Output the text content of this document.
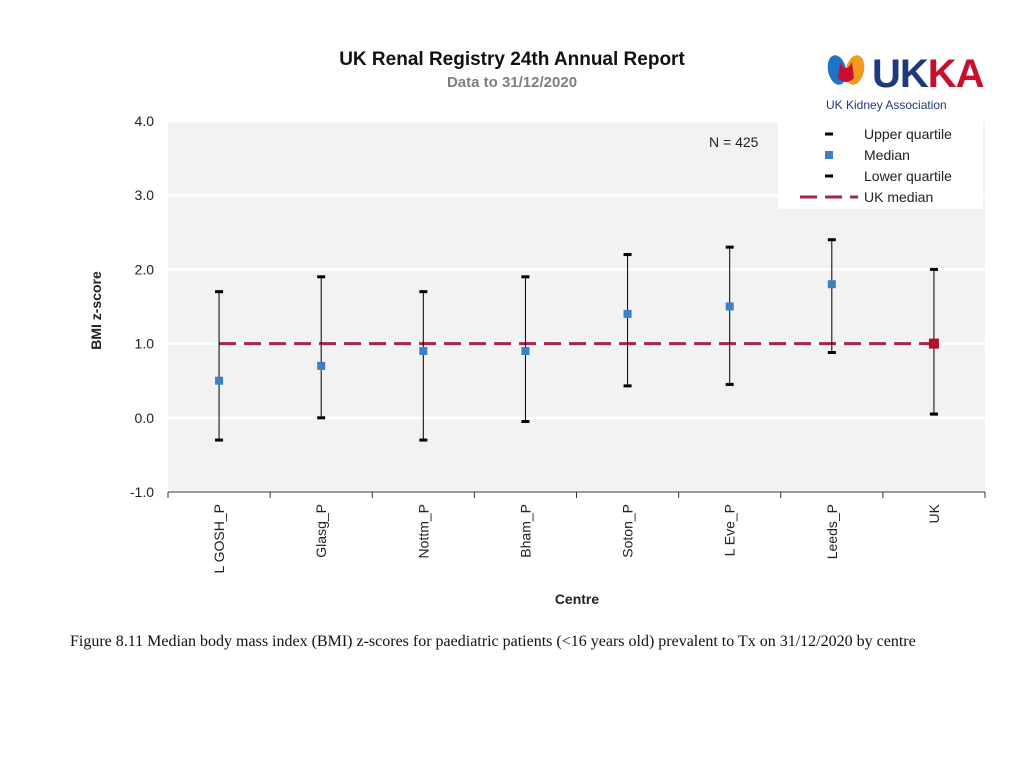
UK Renal Registry 24th Annual Report
Data to 31/12/2020	UKKA
UK Kidney Association
-1.0
0.0
1.0
2.0
3.0
4.0
L GOSH_P	Glasg_P	Nottm_P	Bham_P	Soton_P	L Eve_P	Leeds_P	UK
N = 425
BMI z-score
Centre
Upper quartile
Median
Lower quartile
UK median
Figure 8.11 Median body mass index (BMI) z-scores for paediatric patients (<16 years old) prevalent to Tx on 31/12/2020 by centre
